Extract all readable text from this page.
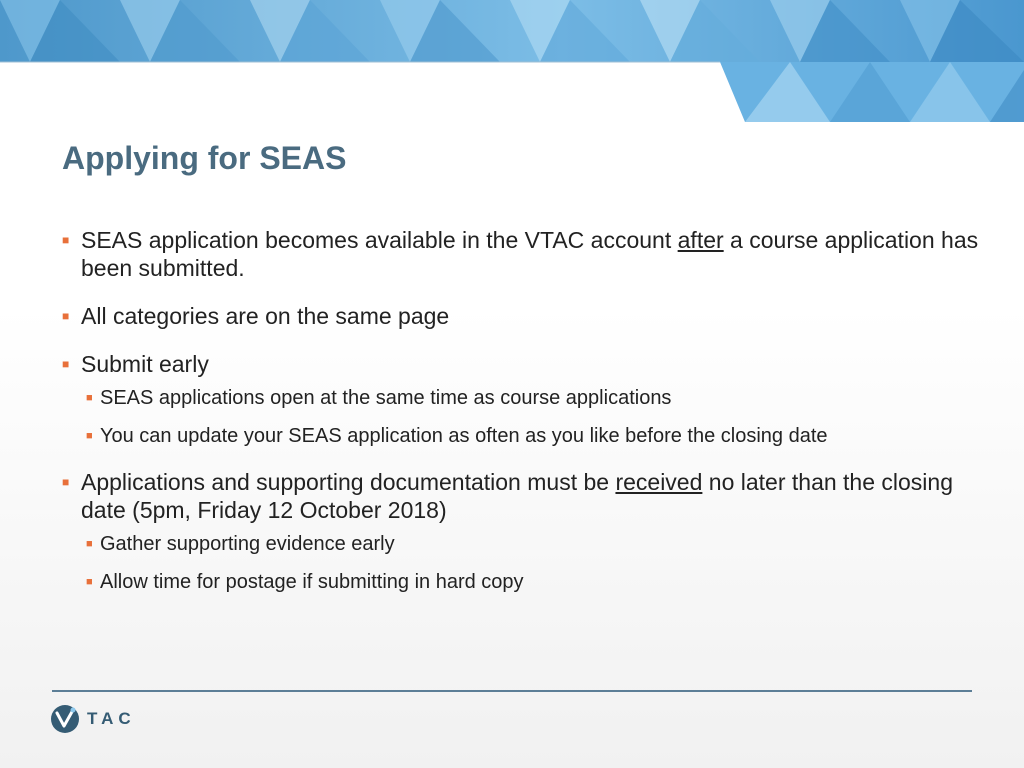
Applying for SEAS
■ SEAS application becomes available in the VTAC account after a course application has been submitted.
■ All categories are on the same page
■ Submit early
■ SEAS applications open at the same time as course applications
■ You can update your SEAS application as often as you like before the closing date
■ Applications and supporting documentation must be received no later than the closing date (5pm, Friday 12 October 2018)
■ Gather supporting evidence early
■ Allow time for postage if submitting in hard copy
TAC
